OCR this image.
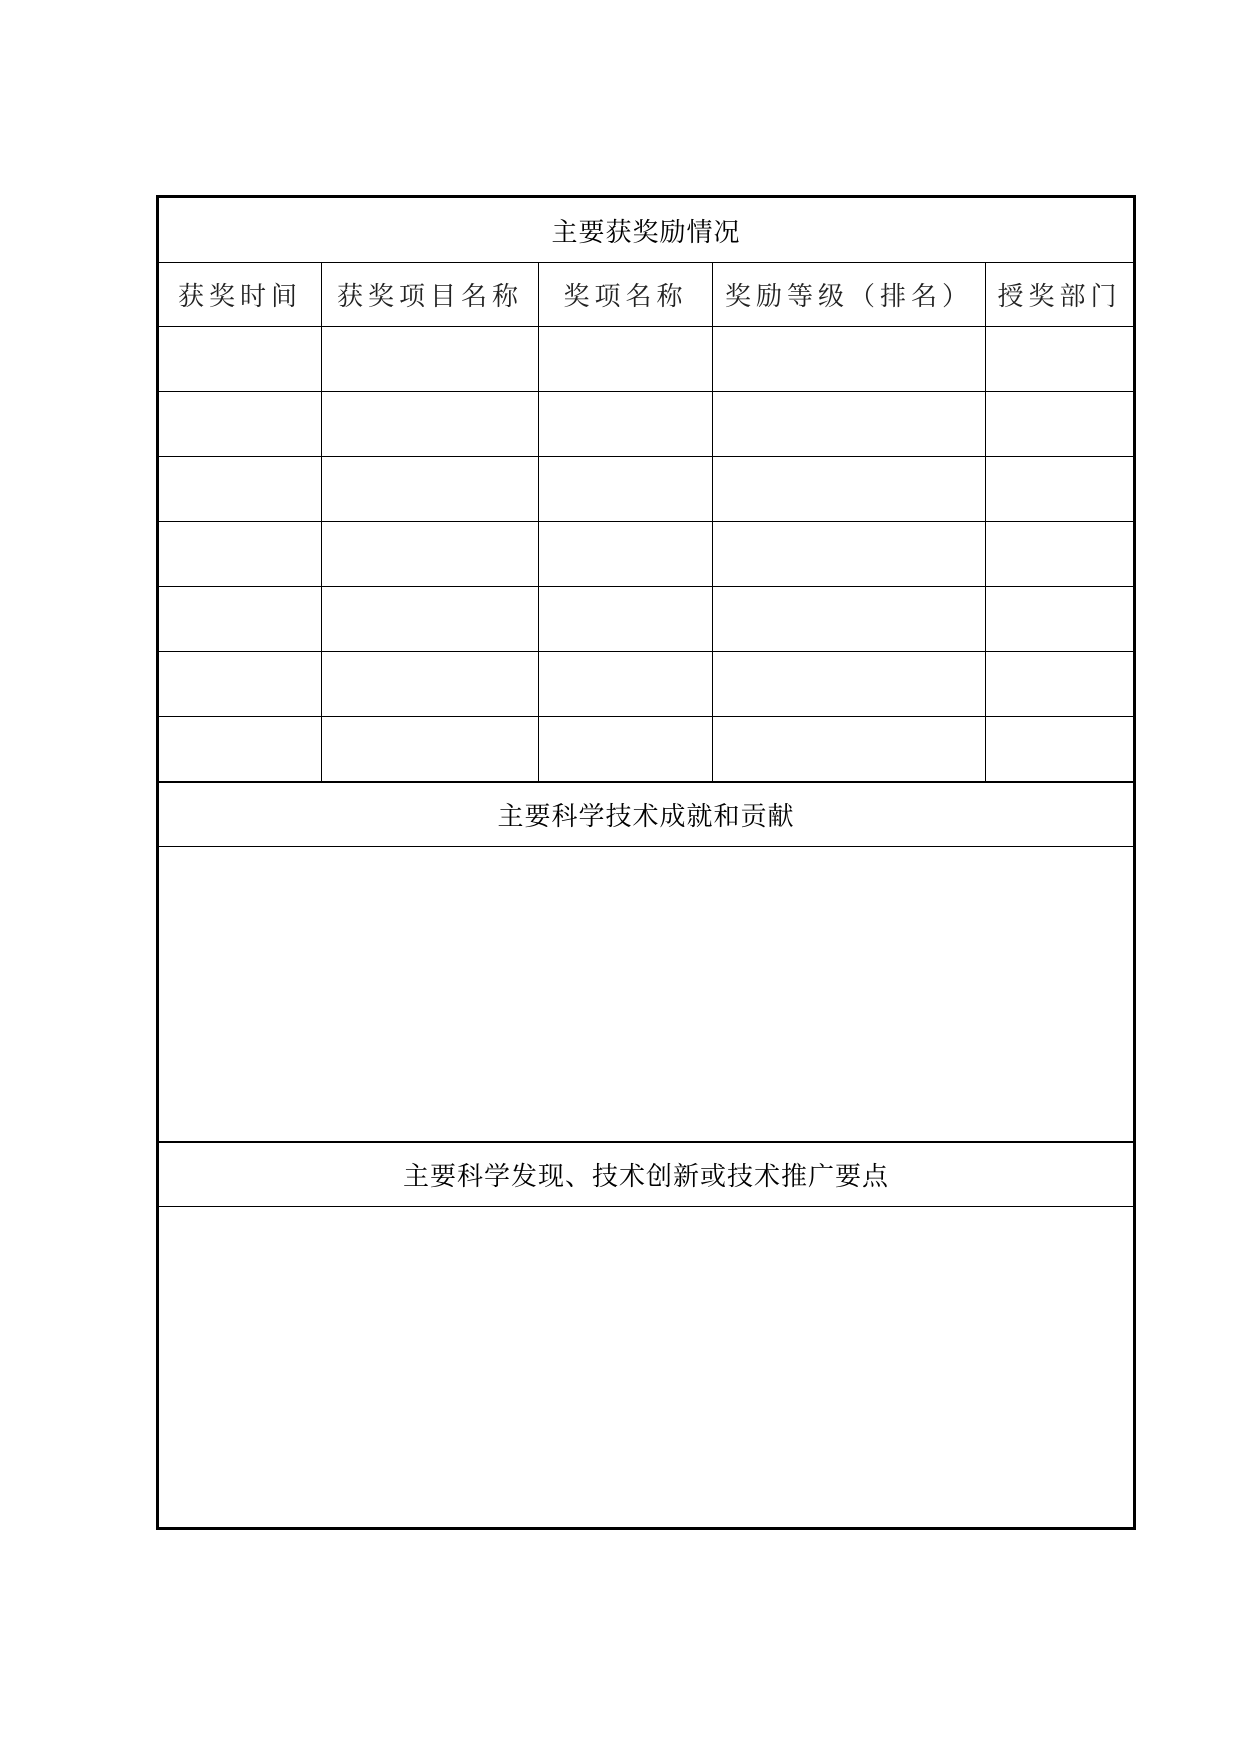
主要获奖励情况
获奖时间	获奖项目名称	奖项名称	奖励等级（排名） 授奖部门
主要科学技术成就和贡献
主要科学发现、技术创新或技术推广要点
